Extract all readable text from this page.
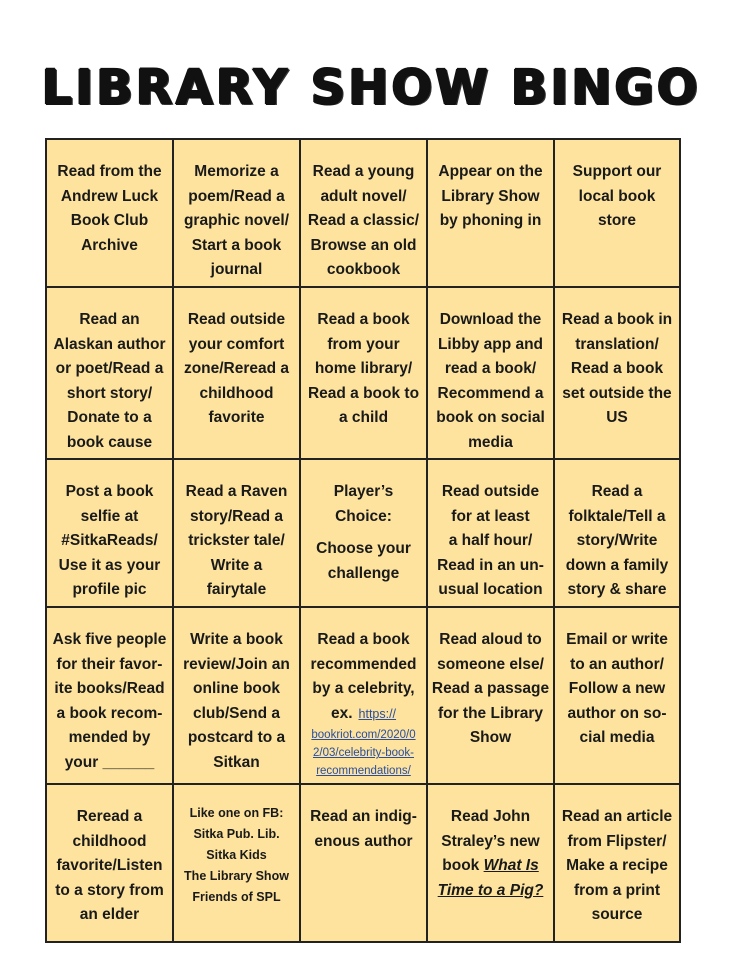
LIBRARY SHOW BINGO
Read from the
Andrew Luck
Book Club
Archive
Memorize a
poem/Read a
graphic novel/
Start a book
journal
Read a young
adult novel/
Read a classic/
Browse an old
cookbook
Appear on the
Library Show
by phoning in
Support our
local book
store
Read an
Alaskan author
or poet/Read a
short story/
Donate to a
book cause
Read outside
your comfort
zone/Reread a
childhood
favorite
Read a book
from your
home library/
Read a book to
a child
Download the
Libby app and
read a book/
Recommend a
book on social
media
Read a book in
translation/
Read a book
set outside the
US
Post a book
selfie at
#SitkaReads/
Use it as your
profile pic
Read a Raven
story/Read a
trickster tale/
Write a
fairytale
Player’s
Choice:
Choose your
challenge
Read outside
for at least
a half hour/
Read in an un-
usual location
Read a
folktale/Tell a
story/Write
down a family
story & share
Ask five people
for their favor-
ite books/Read
a book recom-
mended by
your ______
Write a book
review/Join an
online book
club/Send a
postcard to a
Sitkan
Read a book
recommended
by a celebrity,
ex. https://
bookriot.com/2020/0
2/03/celebrity-book-
recommendations/
Read aloud to
someone else/
Read a passage
for the Library
Show
Email or write
to an author/
Follow a new
author on so-
cial media
Reread a
childhood
favorite/Listen
to a story from
an elder
Like one on FB:
Sitka Pub. Lib.
Sitka Kids
The Library Show
Friends of SPL
Read an indig-
enous author
Read John
Straley’s new
book What Is
Time to a Pig?
Read an article
from Flipster/
Make a recipe
from a print
source
